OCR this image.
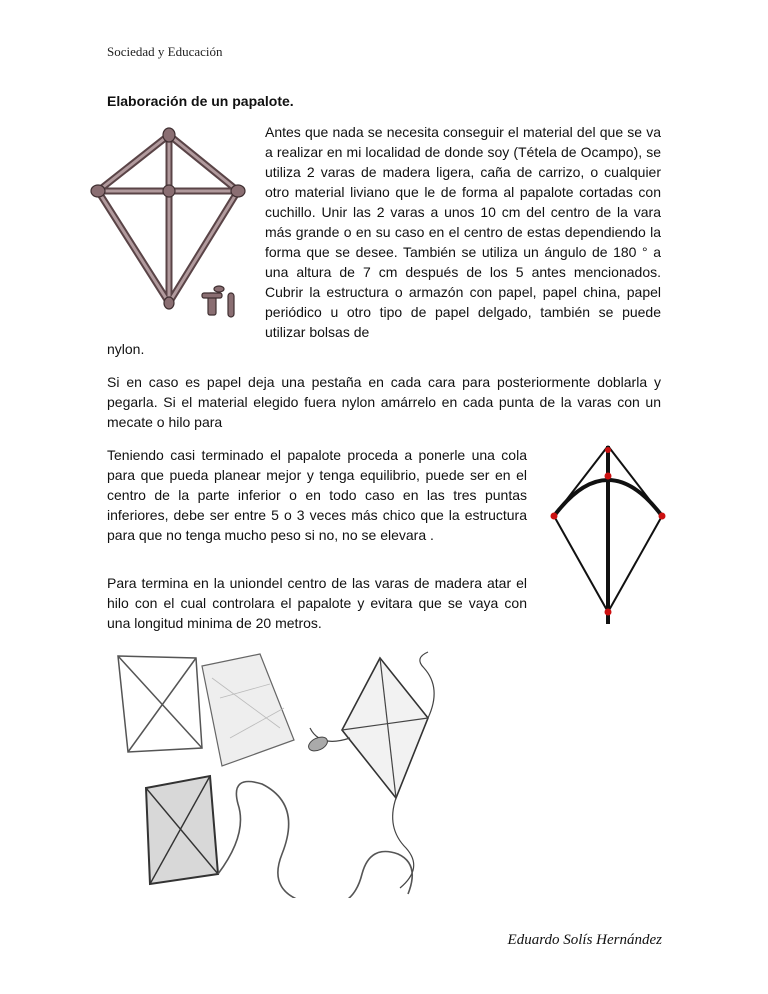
Sociedad y Educación
Elaboración de un papalote.

Antes que nada se necesita conseguir el material del que se va a realizar en mi localidad de donde soy (Tétela de Ocampo), se utiliza 2 varas de madera ligera, caña de carrizo, o cualquier otro material liviano que le de forma al papalote cortadas con cuchillo. Unir las 2 varas a unos 10 cm del centro de la vara más grande o en su caso en el centro de estas dependiendo la forma que se desee. También se utiliza un ángulo de 180 ° a una altura de 7 cm después de los 5 antes mencionados. Cubrir la estructura o armazón con papel, papel china, papel periódico u otro tipo de papel delgado, también se puede utilizar bolsas de

nylon.

Si en caso es papel deja una pestaña en cada cara para posteriormente doblarla y pegarla. Si el material elegido fuera nylon amárrelo en cada punta de la varas con un mecate o hilo para

Teniendo casi terminado el papalote proceda a ponerle una cola para que pueda planear mejor y tenga equilibrio, puede ser en el centro de la parte inferior o en todo caso en las tres puntas inferiores, debe ser entre 5 o 3 veces más chico que la estructura para que no tenga mucho peso si no, no se elevara .

Para termina en la uniondel centro de las varas de madera atar el hilo con el cual controlara el papalote y evitara que se vaya con una longitud minima de 20 metros.

Eduardo Solís Hernández
